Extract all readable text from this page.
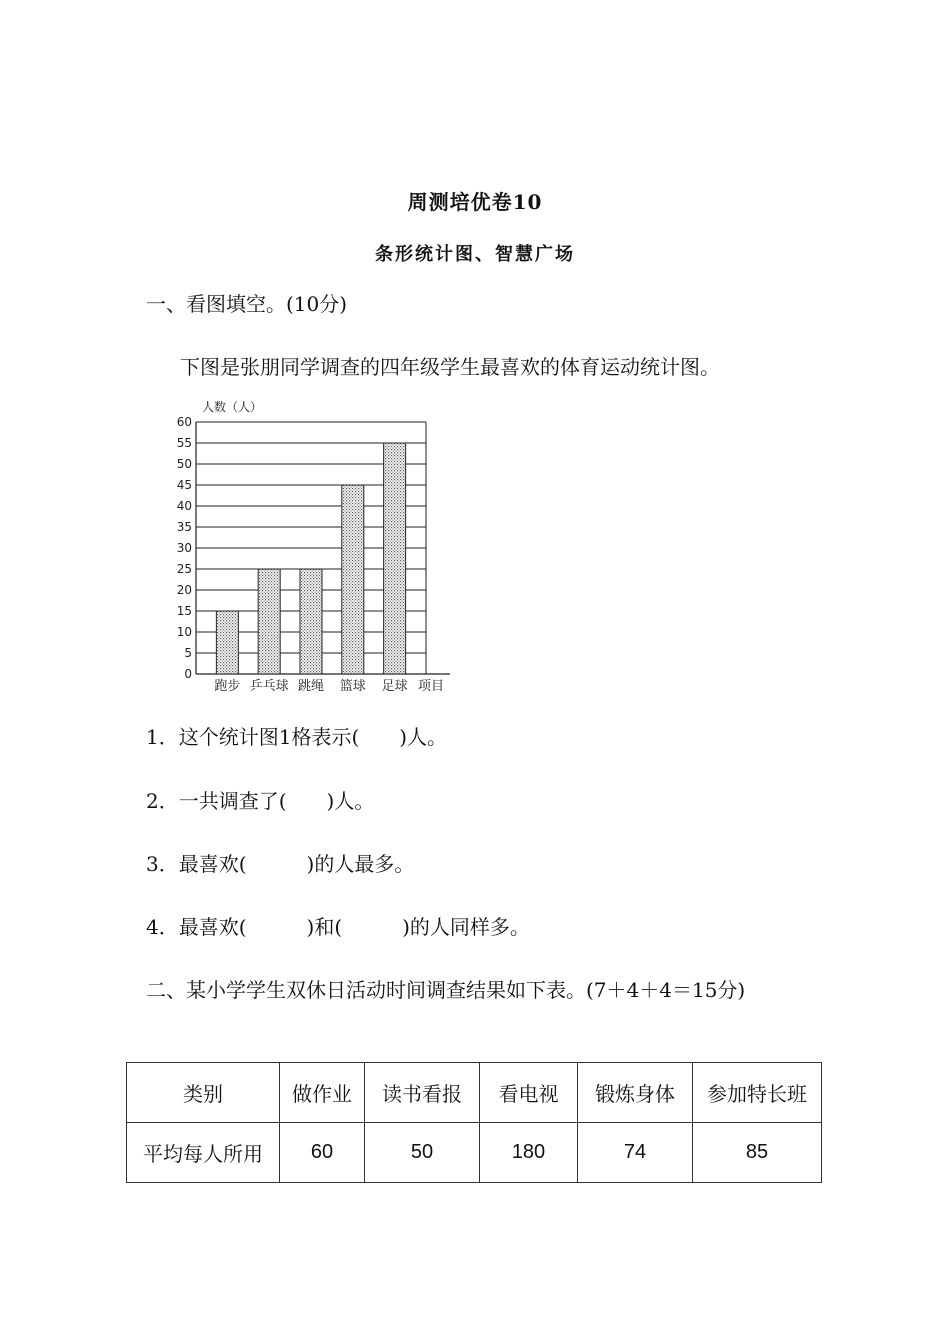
周测培优卷10
条形统计图、智慧广场
一、看图填空。(10分)
下图是张朋同学调查的四年级学生最喜欢的体育运动统计图。
人数（人）
0
5
10
15
20
25
30
35
40
45
50
55
60
跑步 乒乓球 跳绳 篮球 足球 项目
1．这个统计图1格表示(　　)人。
2．一共调查了(　　)人。
3．最喜欢(　　　)的人最多。
4．最喜欢(　　　)和(　　　)的人同样多。
二、某小学学生双休日活动时间调查结果如下表。(7＋4＋4＝15分)
类别	做作业	读书看报	看电视	锻炼身体	参加特长班
平均每人所用	60	50	180	74	85
